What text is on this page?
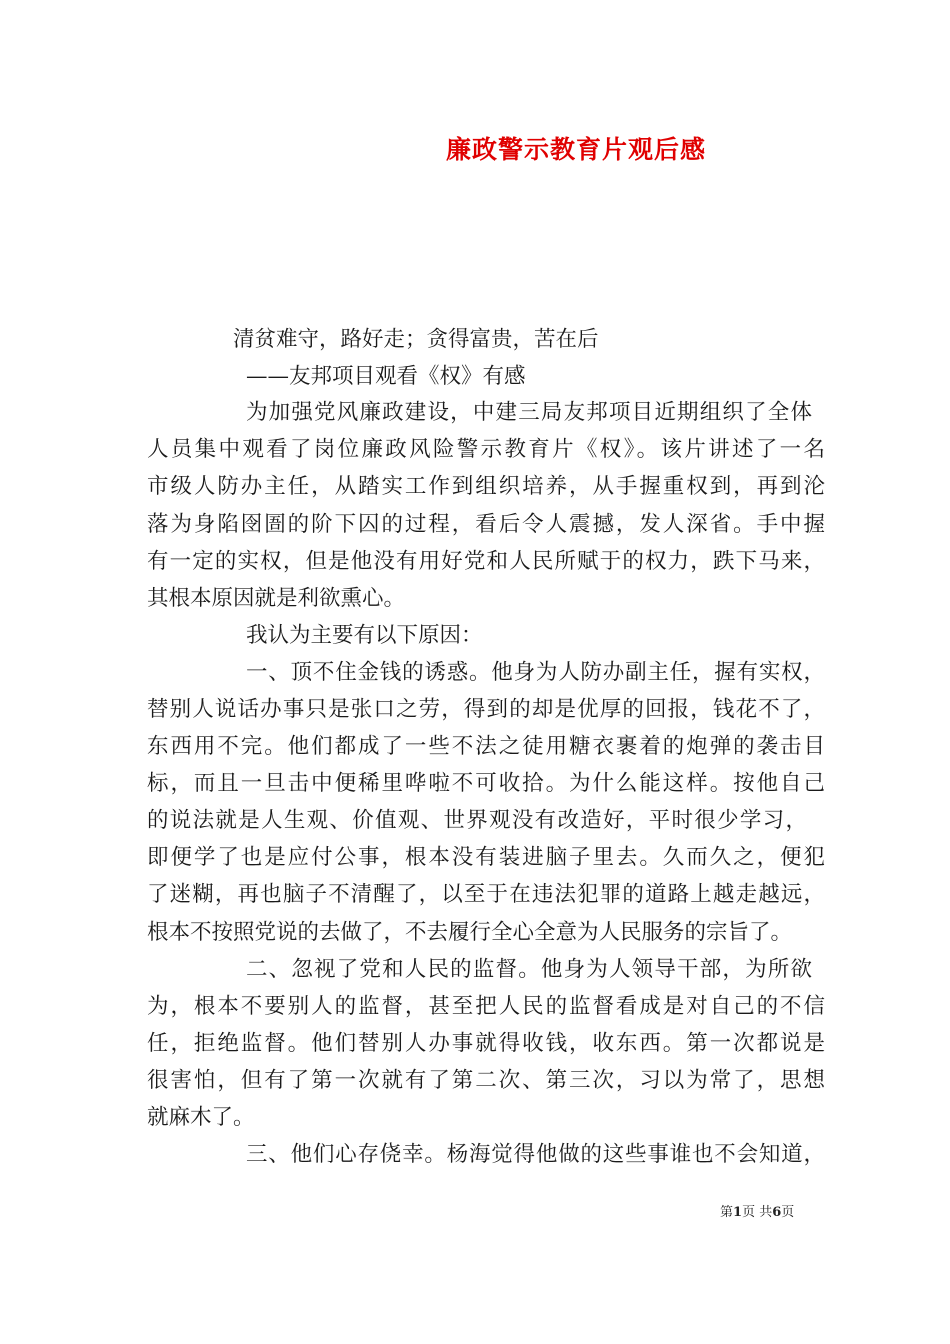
廉政警示教育片观后感

清贫难守，路好走；贪得富贵，苦在后

——友邦项目观看《权》有感

为加强党风廉政建设，中建三局友邦项目近期组织了全体

人员集中观看了岗位廉政风险警示教育片《权》。该片讲述了一名

市级人防办主任，从踏实工作到组织培养，从手握重权到，再到沦

落为身陷囹圄的阶下囚的过程，看后令人震撼，发人深省。手中握

有一定的实权，但是他没有用好党和人民所赋于的权力，跌下马来，

其根本原因就是利欲熏心。

我认为主要有以下原因：

一、顶不住金钱的诱惑。他身为人防办副主任，握有实权，

替别人说话办事只是张口之劳，得到的却是优厚的回报，钱花不了，

东西用不完。他们都成了一些不法之徒用糖衣裹着的炮弹的袭击目

标，而且一旦击中便稀里哗啦不可收拾。为什么能这样。按他自己

的说法就是人生观、价值观、世界观没有改造好，平时很少学习，

即便学了也是应付公事，根本没有装进脑子里去。久而久之，便犯

了迷糊，再也脑子不清醒了，以至于在违法犯罪的道路上越走越远，

根本不按照党说的去做了，不去履行全心全意为人民服务的宗旨了。

二、忽视了党和人民的监督。他身为人领导干部，为所欲

为，根本不要别人的监督，甚至把人民的监督看成是对自己的不信

任，拒绝监督。他们替别人办事就得收钱，收东西。第一次都说是

很害怕，但有了第一次就有了第二次、第三次，习以为常了，思想

就麻木了。

三、他们心存侥幸。杨海觉得他做的这些事谁也不会知道，

第1页 共6页
